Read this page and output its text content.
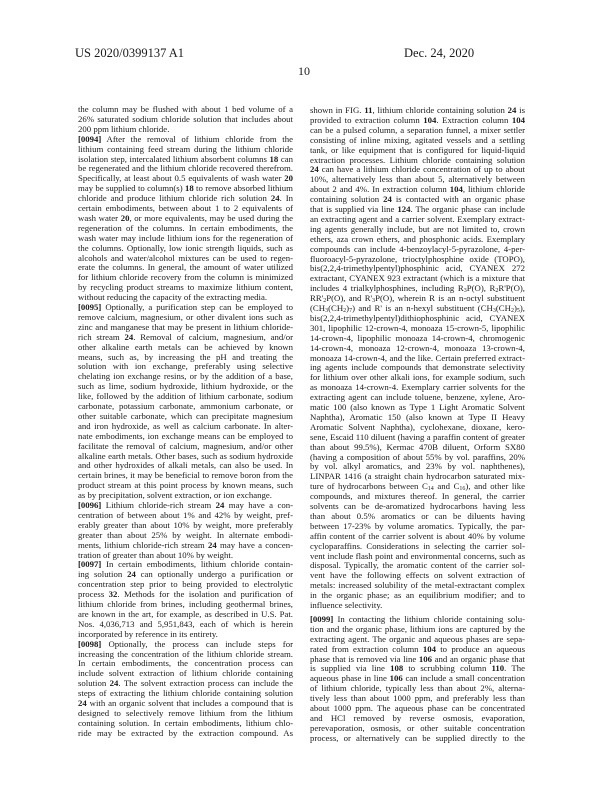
US 2020/0399137 A1	Dec. 24, 2020
10
the column may be flushed with about 1 bed volume of a
26% saturated sodium chloride solution that includes about
200 ppm lithium chloride.
[0094] After the removal of lithium chloride from the
lithium containing feed stream during the lithium chloride
isolation step, intercalated lithium absorbent columns 18 can
be regenerated and the lithium chloride recovered therefrom.
Specifically, at least about 0.5 equivalents of wash water 20
may be supplied to column(s) 18 to remove absorbed lithium
chloride and produce lithium chloride rich solution 24. In
certain embodiments, between about 1 to 2 equivalents of
wash water 20, or more equivalents, may be used during the
regeneration of the columns. In certain embodiments, the
wash water may include lithium ions for the regeneration of
the columns. Optionally, low ionic strength liquids, such as
alcohols and water/alcohol mixtures can be used to regen-
erate the columns. In general, the amount of water utilized
for lithium chloride recovery from the column is minimized
by recycling product streams to maximize lithium content,
without reducing the capacity of the extracting media.
[0095] Optionally, a purification step can be employed to
remove calcium, magnesium, or other divalent ions such as
zinc and manganese that may be present in lithium chloride-
rich stream 24. Removal of calcium, magnesium, and/or
other alkaline earth metals can be achieved by known
means, such as, by increasing the pH and treating the
solution with ion exchange, preferably using selective
chelating ion exchange resins, or by the addition of a base,
such as lime, sodium hydroxide, lithium hydroxide, or the
like, followed by the addition of lithium carbonate, sodium
carbonate, potassium carbonate, ammonium carbonate, or
other suitable carbonate, which can precipitate magnesium
and iron hydroxide, as well as calcium carbonate. In alter-
nate embodiments, ion exchange means can be employed to
facilitate the removal of calcium, magnesium, and/or other
alkaline earth metals. Other bases, such as sodium hydroxide
and other hydroxides of alkali metals, can also be used. In
certain brines, it may be beneficial to remove boron from the
product stream at this point process by known means, such
as by precipitation, solvent extraction, or ion exchange.
[0096] Lithium chloride-rich stream 24 may have a con-
centration of between about 1% and 42% by weight, pref-
erably greater than about 10% by weight, more preferably
greater than about 25% by weight. In alternate embodi-
ments, lithium chloride-rich stream 24 may have a concen-
tration of greater than about 10% by weight.
[0097] In certain embodiments, lithium chloride contain-
ing solution 24 can optionally undergo a purification or
concentration step prior to being provided to electrolytic
process 32. Methods for the isolation and purification of
lithium chloride from brines, including geothermal brines,
are known in the art, for example, as described in U.S. Pat.
Nos. 4,036,713 and 5,951,843, each of which is herein
incorporated by reference in its entirety.
[0098] Optionally, the process can include steps for
increasing the concentration of the lithium chloride stream.
In certain embodiments, the concentration process can
include solvent extraction of lithium chloride containing
solution 24. The solvent extraction process can include the
steps of extracting the lithium chloride containing solution
24 with an organic solvent that includes a compound that is
designed to selectively remove lithium from the lithium
containing solution. In certain embodiments, lithium chlo-
ride may be extracted by the extraction compound. As
shown in FIG. 11, lithium chloride containing solution 24 is
provided to extraction column 104. Extraction column 104
can be a pulsed column, a separation funnel, a mixer settler
consisting of inline mixing, agitated vessels and a settling
tank, or like equipment that is configured for liquid-liquid
extraction processes. Lithium chloride containing solution
24 can have a lithium chloride concentration of up to about
10%, alternatively less than about 5, alternatively between
about 2 and 4%. In extraction column 104, lithium chloride
containing solution 24 is contacted with an organic phase
that is supplied via line 124. The organic phase can include
an extracting agent and a carrier solvent. Exemplary extract-
ing agents generally include, but are not limited to, crown
ethers, aza crown ethers, and phosphonic acids. Exemplary
compounds can include 4-benzoylacyl-5-pyrazolone, 4-per-
fluoroacyl-5-pyrazolone, trioctylphosphine oxide (TOPO),
bis(2,2,4-trimethylpentyl)phosphinic acid, CYANEX 272
extractant, CYANEX 923 extractant (which is a mixture that
includes 4 trialkylphosphines, including $R_3P(O)$, $R_2R'P(O)$,
$RR'_2P(O)$, and $R'_3P(O)$, wherein R is an n-octyl substituent
$(CH_3(CH_2)_7)$ and R' is an n-hexyl substituent $(CH_3(CH_2)_5)$,
bis(2,2,4-trimethylpentyl)dithiophosphinic acid, CYANEX
301, lipophilic 12-crown-4, monoaza 15-crown-5, lipophilic
14-crown-4, lipophilic monoaza 14-crown-4, chromogenic
14-crown-4, monoaza 12-crown-4, monoaza 13-crown-4,
monoaza 14-crown-4, and the like. Certain preferred extract-
ing agents include compounds that demonstrate selectivity
for lithium over other alkali ions, for example sodium, such
as monoaza 14-crown-4. Exemplary carrier solvents for the
extracting agent can include toluene, benzene, xylene, Aro-
matic 100 (also known as Type 1 Light Aromatic Solvent
Naphtha), Aromatic 150 (also known at Type II Heavy
Aromatic Solvent Naphtha), cyclohexane, dioxane, kero-
sene, Escaid 110 diluent (having a paraffin content of greater
than about 99.5%), Kermac 470B diluent, Orform SX80
(having a composition of about 55% by vol. paraffins, 20%
by vol. alkyl aromatics, and 23% by vol. naphthenes),
LINPAR 1416 (a straight chain hydrocarbon saturated mix-
ture of hydrocarbons between $C_{14}$ and $C_{16}$), and other like
compounds, and mixtures thereof. In general, the carrier
solvents can be de-aromatized hydrocarbons having less
than about 0.5% aromatics or can be diluents having
between 17-23% by volume aromatics. Typically, the par-
affin content of the carrier solvent is about 40% by volume
cycloparaffins. Considerations in selecting the carrier sol-
vent include flash point and environmental concerns, such as
disposal. Typically, the aromatic content of the carrier sol-
vent have the following effects on solvent extraction of
metals: increased solubility of the metal-extractant complex
in the organic phase; as an equilibrium modifier; and to
influence selectivity.
[0099] In contacting the lithium chloride containing solu-
tion and the organic phase, lithium ions are captured by the
extracting agent. The organic and aqueous phases are sepa-
rated from extraction column 104 to produce an aqueous
phase that is removed via line 106 and an organic phase that
is supplied via line 108 to scrubbing column 110. The
aqueous phase in line 106 can include a small concentration
of lithium chloride, typically less than about 2%, alterna-
tively less than about 1000 ppm, and preferably less than
about 1000 ppm. The aqueous phase can be concentrated
and HCl removed by reverse osmosis, evaporation,
perevaporation, osmosis, or other suitable concentration
process, or alternatively can be supplied directly to the
